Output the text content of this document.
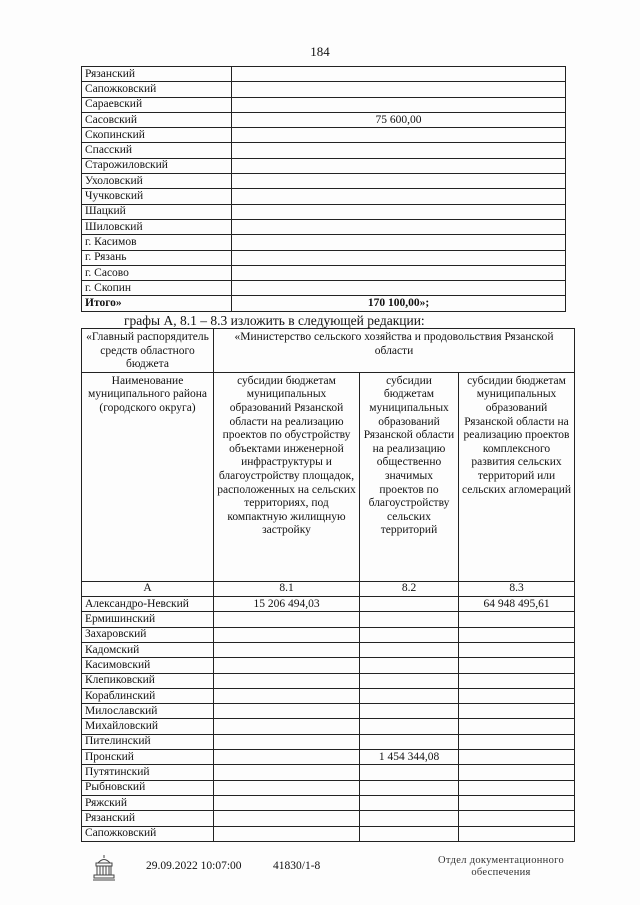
184
Рязанский	
Сапожковский	
Сараевский	
Сасовский	75 600,00
Скопинский	
Спасский	
Старожиловский	
Ухоловский	
Чучковский	
Шацкий	
Шиловский	
г. Касимов	
г. Рязань	
г. Сасово	
г. Скопин	
Итого»	170 100,00»;
графы А, 8.1 – 8.3 изложить в следующей редакции:
«Главный распорядитель средств областного бюджета	«Министерство сельского хозяйства и продовольствия Рязанской области		
Наименование муниципального района (городского округа)	субсидии бюджетам муниципальных образований Рязанской области на реализацию проектов по обустройству объектами инженерной инфраструктуры и благоустройству площадок, расположенных на сельских территориях, под компактную жилищную застройку	субсидии бюджетам муниципальных образований Рязанской области на реализацию общественно значимых проектов по благоустройству сельских территорий	субсидии бюджетам муниципальных образований Рязанской области на реализацию проектов комплексного развития сельских территорий или сельских агломераций
А	8.1	8.2	8.3
Александро-Невский	15 206 494,03		64 948 495,61
Ермишинский			
Захаровский			
Кадомский			
Касимовский			
Клепиковский			
Кораблинский			
Милославский			
Михайловский			
Пителинский			
Пронский		1 454 344,08	
Путятинский			
Рыбновский			
Ряжский			
Рязанский			
Сапожковский			
29.09.2022 10:07:00	41830/1-8	Отдел документационного
обеспечения
